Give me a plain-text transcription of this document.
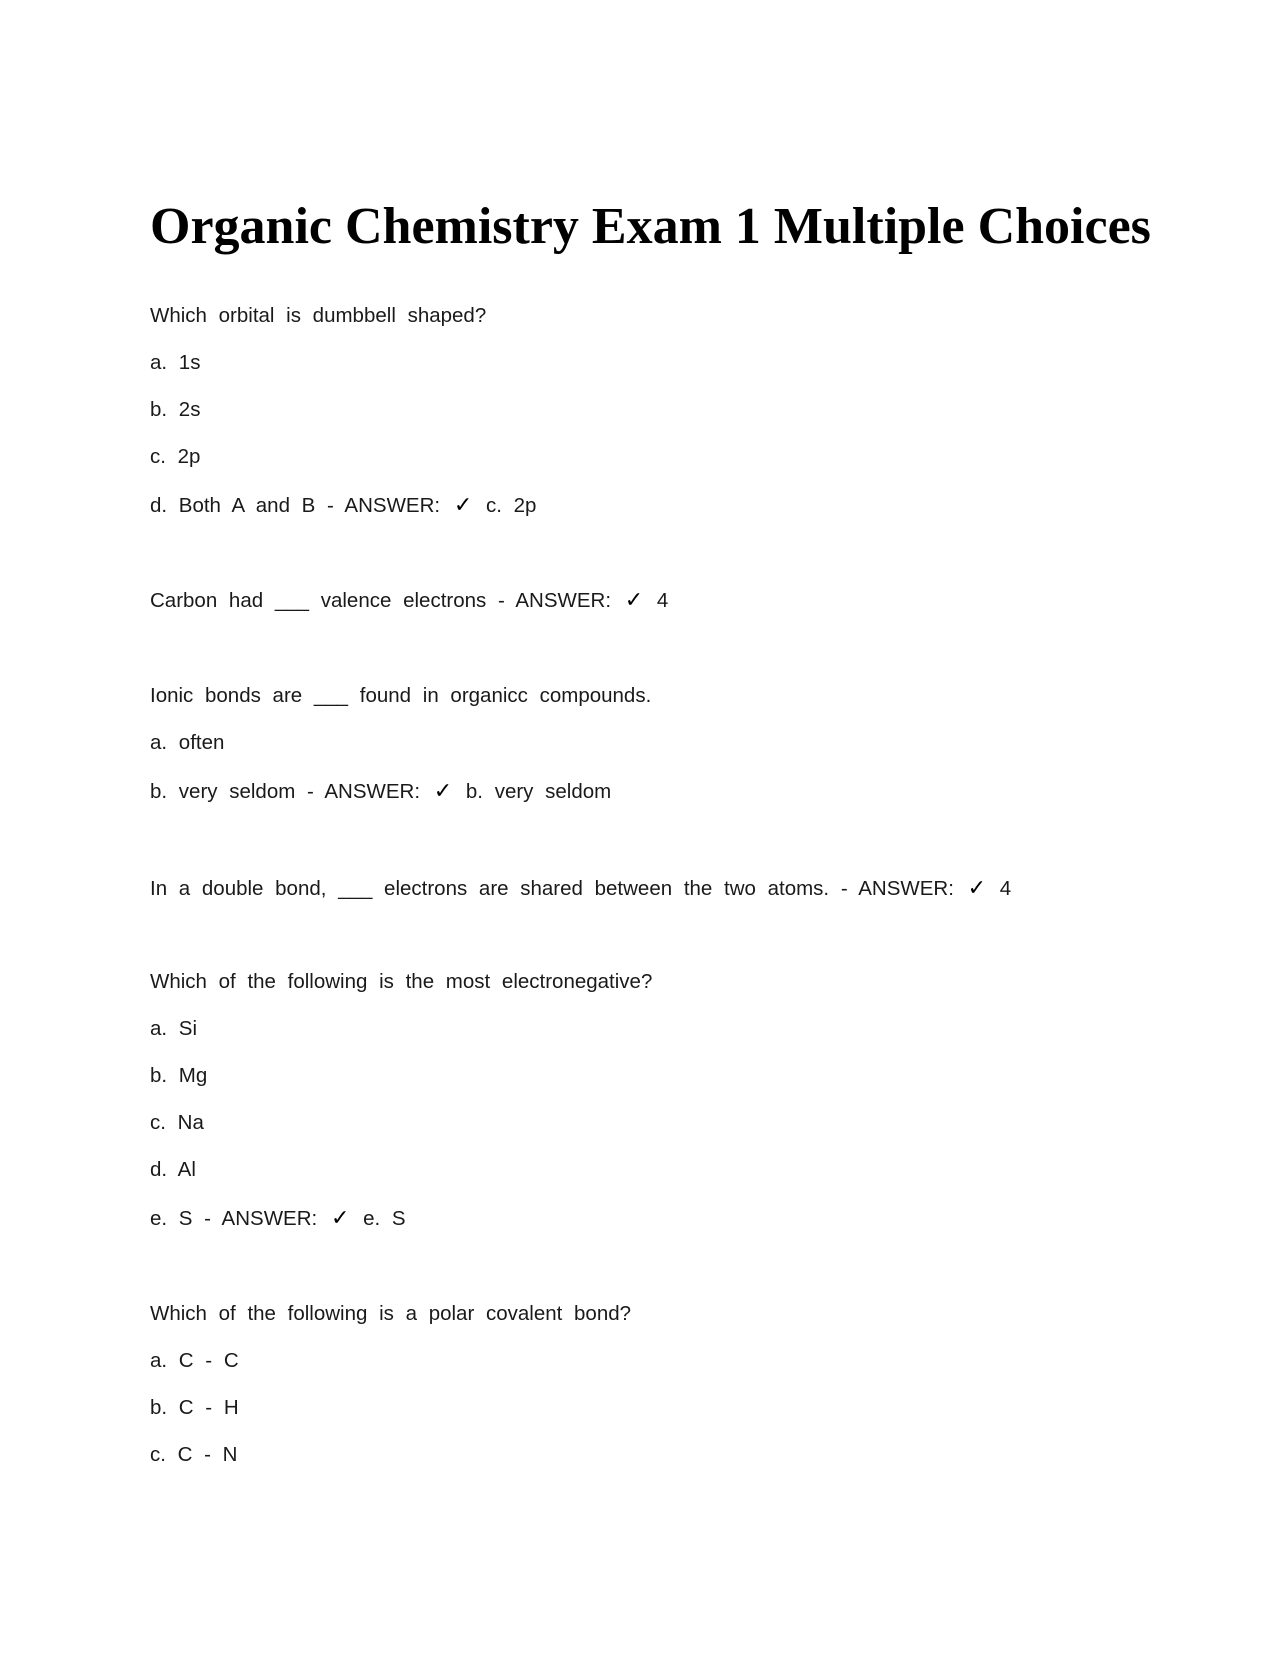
Organic Chemistry Exam 1 Multiple Choices
Which orbital is dumbbell shaped?
a. 1s
b. 2s
c. 2p
d. Both A and B - ANSWER: ✓ c. 2p
Carbon had ___ valence electrons - ANSWER: ✓ 4
Ionic bonds are ___ found in organicc compounds.
a. often
b. very seldom - ANSWER: ✓ b. very seldom
In a double bond, ___ electrons are shared between the two atoms. - ANSWER: ✓ 4
Which of the following is the most electronegative?
a. Si
b. Mg
c. Na
d. Al
e. S - ANSWER: ✓ e. S
Which of the following is a polar covalent bond?
a. C - C
b. C - H
c. C - N
